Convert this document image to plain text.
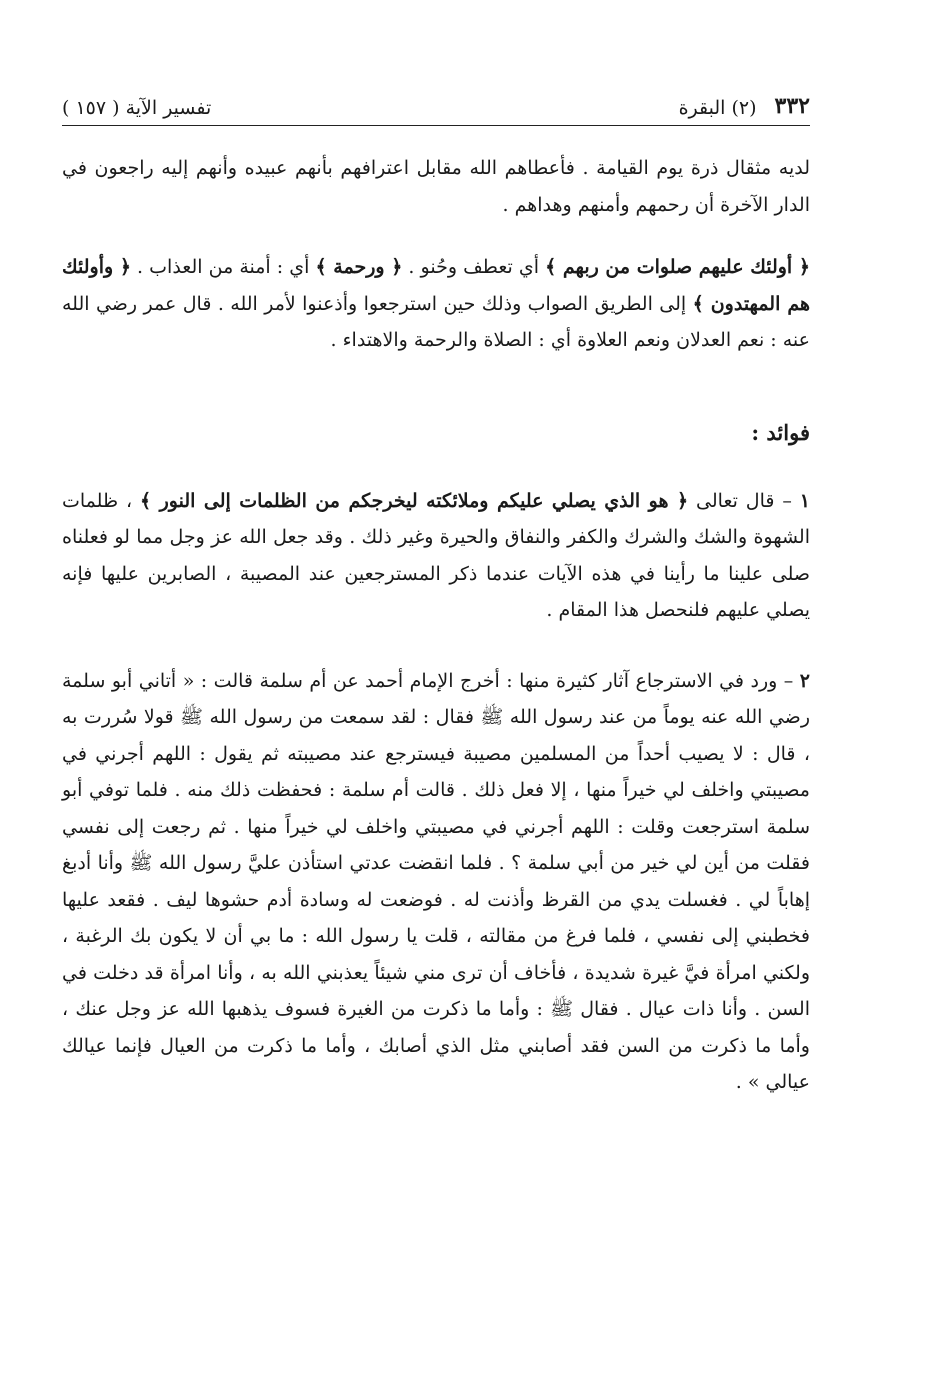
٣٣٢
(٢) البقرة
تفسير الآية ( ١٥٧ )

لديه مثقال ذرة يوم القيامة . فأعطاهم الله مقابل اعترافهم بأنهم عبيده وأنهم إليه راجعون في الدار الآخرة أن رحمهم وأمنهم وهداهم .

﴿ أولئك عليهم صلوات من ربهم ﴾ أي تعطف وحُنو . ﴿ ورحمة ﴾ أي : أمنة من العذاب . ﴿ وأولئك هم المهتدون ﴾ إلى الطريق الصواب وذلك حين استرجعوا وأذعنوا لأمر الله . قال عمر رضي الله عنه : نعم العدلان ونعم العلاوة أي : الصلاة والرحمة والاهتداء .

فوائد :

١ – قال تعالى ﴿ هو الذي يصلي عليكم وملائكته ليخرجكم من الظلمات إلى النور ﴾ ، ظلمات الشهوة والشك والشرك والكفر والنفاق والحيرة وغير ذلك . وقد جعل الله عز وجل مما لو فعلناه صلى علينا ما رأينا في هذه الآيات عندما ذكر المسترجعين عند المصيبة ، الصابرين عليها فإنه يصلي عليهم فلنحصل هذا المقام .

٢ – ورد في الاسترجاع آثار كثيرة منها : أخرج الإمام أحمد عن أم سلمة قالت : « أتاني أبو سلمة رضي الله عنه يوماً من عند رسول الله ﷺ فقال : لقد سمعت من رسول الله ﷺ قولا سُررت به ، قال : لا يصيب أحداً من المسلمين مصيبة فيسترجع عند مصيبته ثم يقول : اللهم أجرني في مصيبتي واخلف لي خيراً منها ، إلا فعل ذلك . قالت أم سلمة : فحفظت ذلك منه . فلما توفي أبو سلمة استرجعت وقلت : اللهم أجرني في مصيبتي واخلف لي خيراً منها . ثم رجعت إلى نفسي فقلت من أين لي خير من أبي سلمة ؟ . فلما انقضت عدتي استأذن عليَّ رسول الله ﷺ وأنا أدبغ إهاباً لي . فغسلت يدي من القرظ وأذنت له . فوضعت له وسادة أدم حشوها ليف . فقعد عليها فخطبني إلى نفسي ، فلما فرغ من مقالته ، قلت يا رسول الله : ما بي أن لا يكون بك الرغبة ، ولكني امرأة فيَّ غيرة شديدة ، فأخاف أن ترى مني شيئاً يعذبني الله به ، وأنا امرأة قد دخلت في السن . وأنا ذات عيال . فقال ﷺ : وأما ما ذكرت من الغيرة فسوف يذهبها الله عز وجل عنك ، وأما ما ذكرت من السن فقد أصابني مثل الذي أصابك ، وأما ما ذكرت من العيال فإنما عيالك عيالي » .
